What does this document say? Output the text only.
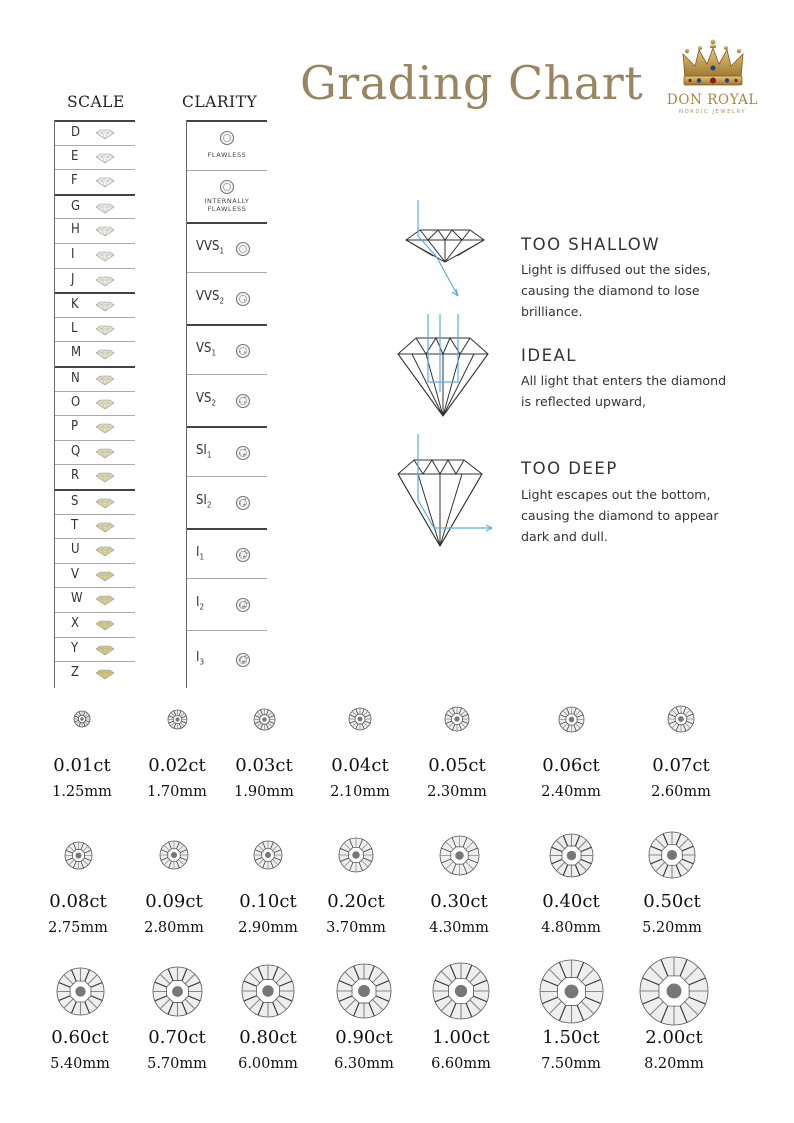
Grading Chart	DON ROYAL
NORDIC JEWELRY
SCALE	CLARITY
D
E
F
G
H
I
J
K
L
M
N
O
P
Q
R
S
T
U
V
W
X
Y
Z
FLAWLESS
INTERNALLY
FLAWLESS
$VVS_1$
$VVS_2$
$VS_1$
$VS_2$
$SI_1$
$SI_2$
$I_1$
$I_2$
$I_3$
TOO SHALLOW
Light is diffused out the sides,
causing the diamond to lose
brilliance.
IDEAL
All light that enters the diamond
is reflected upward,
TOO DEEP
Light escapes out the bottom,
causing the diamond to appear
dark and dull.
0.01ct
1.25mm
0.02ct
1.70mm
0.03ct
1.90mm
0.04ct
2.10mm
0.05ct
2.30mm
0.06ct
2.40mm
0.07ct
2.60mm
0.08ct
2.75mm
0.09ct
2.80mm
0.10ct
2.90mm
0.20ct
3.70mm
0.30ct
4.30mm
0.40ct
4.80mm
0.50ct
5.20mm
0.60ct
5.40mm
0.70ct
5.70mm
0.80ct
6.00mm
0.90ct
6.30mm
1.00ct
6.60mm
1.50ct
7.50mm
2.00ct
8.20mm
